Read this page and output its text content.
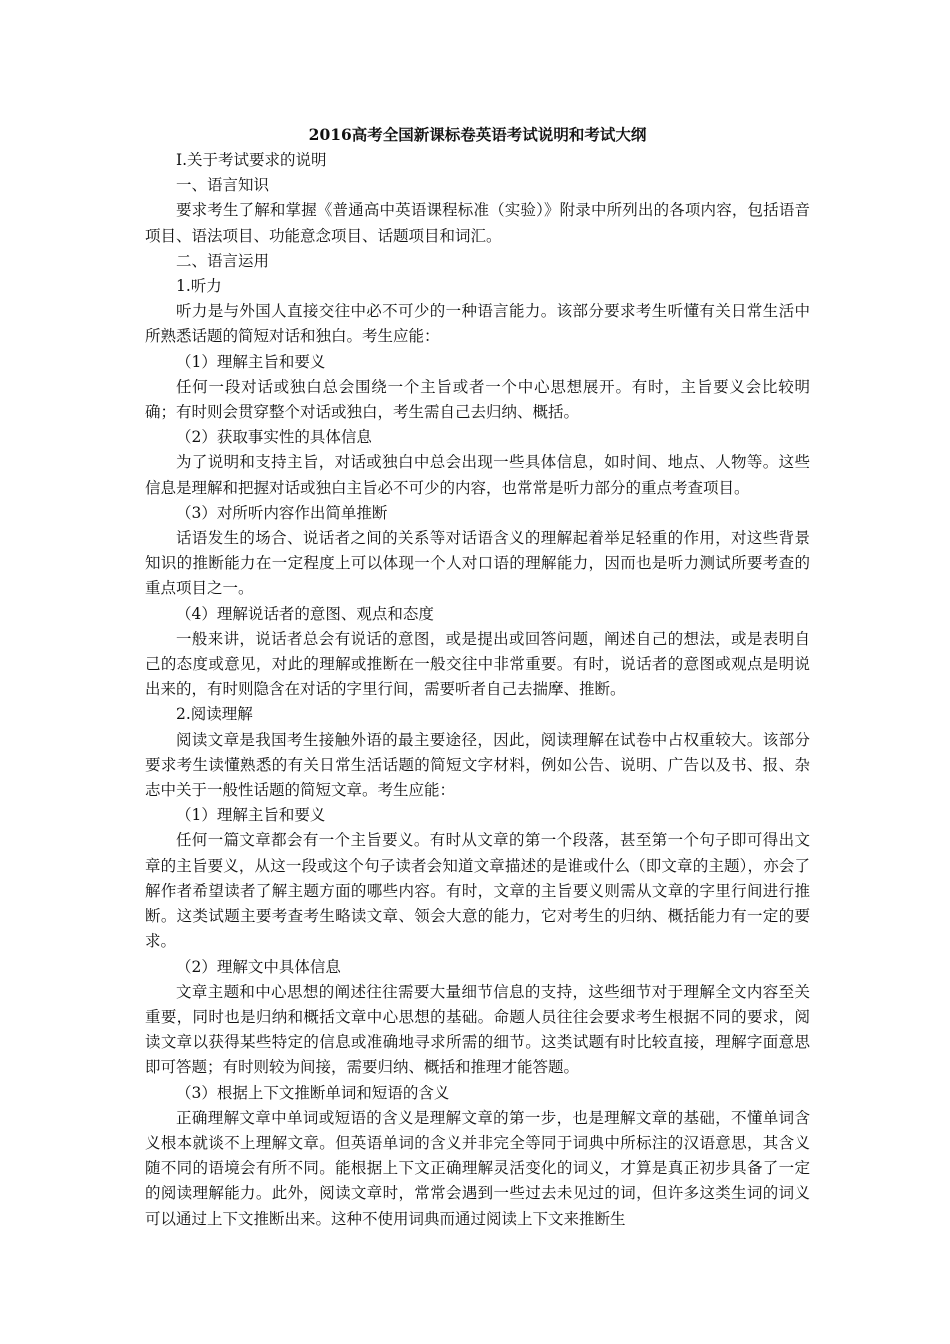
2016高考全国新课标卷英语考试说明和考试大纲
I.关于考试要求的说明
一、语言知识
要求考生了解和掌握《普通高中英语课程标准（实验）》附录中所列出的各项内容，包括语音项目、语法项目、功能意念项目、话题项目和词汇。
二、语言运用
1.听力
听力是与外国人直接交往中必不可少的一种语言能力。该部分要求考生听懂有关日常生活中所熟悉话题的简短对话和独白。考生应能：
（1）理解主旨和要义
任何一段对话或独白总会围绕一个主旨或者一个中心思想展开。有时，主旨要义会比较明确；有时则会贯穿整个对话或独白，考生需自己去归纳、概括。
（2）获取事实性的具体信息
为了说明和支持主旨，对话或独白中总会出现一些具体信息，如时间、地点、人物等。这些信息是理解和把握对话或独白主旨必不可少的内容，也常常是听力部分的重点考查项目。
（3）对所听内容作出简单推断
话语发生的场合、说话者之间的关系等对话语含义的理解起着举足轻重的作用，对这些背景知识的推断能力在一定程度上可以体现一个人对口语的理解能力，因而也是听力测试所要考查的重点项目之一。
（4）理解说话者的意图、观点和态度
一般来讲，说话者总会有说话的意图，或是提出或回答问题，阐述自己的想法，或是表明自己的态度或意见，对此的理解或推断在一般交往中非常重要。有时，说话者的意图或观点是明说出来的，有时则隐含在对话的字里行间，需要听者自己去揣摩、推断。
2.阅读理解
阅读文章是我国考生接触外语的最主要途径，因此，阅读理解在试卷中占权重较大。该部分要求考生读懂熟悉的有关日常生活话题的简短文字材料，例如公告、说明、广告以及书、报、杂志中关于一般性话题的简短文章。考生应能：
（1）理解主旨和要义
任何一篇文章都会有一个主旨要义。有时从文章的第一个段落，甚至第一个句子即可得出文章的主旨要义，从这一段或这个句子读者会知道文章描述的是谁或什么（即文章的主题），亦会了解作者希望读者了解主题方面的哪些内容。有时，文章的主旨要义则需从文章的字里行间进行推断。这类试题主要考查考生略读文章、领会大意的能力，它对考生的归纳、概括能力有一定的要求。
（2）理解文中具体信息
文章主题和中心思想的阐述往往需要大量细节信息的支持，这些细节对于理解全文内容至关重要，同时也是归纳和概括文章中心思想的基础。命题人员往往会要求考生根据不同的要求，阅读文章以获得某些特定的信息或准确地寻求所需的细节。这类试题有时比较直接，理解字面意思即可答题；有时则较为间接，需要归纳、概括和推理才能答题。
（3）根据上下文推断单词和短语的含义
正确理解文章中单词或短语的含义是理解文章的第一步，也是理解文章的基础，不懂单词含义根本就谈不上理解文章。但英语单词的含义并非完全等同于词典中所标注的汉语意思，其含义随不同的语境会有所不同。能根据上下文正确理解灵活变化的词义，才算是真正初步具备了一定的阅读理解能力。此外，阅读文章时，常常会遇到一些过去未见过的词，但许多这类生词的词义可以通过上下文推断出来。这种不使用词典而通过阅读上下文来推断生
